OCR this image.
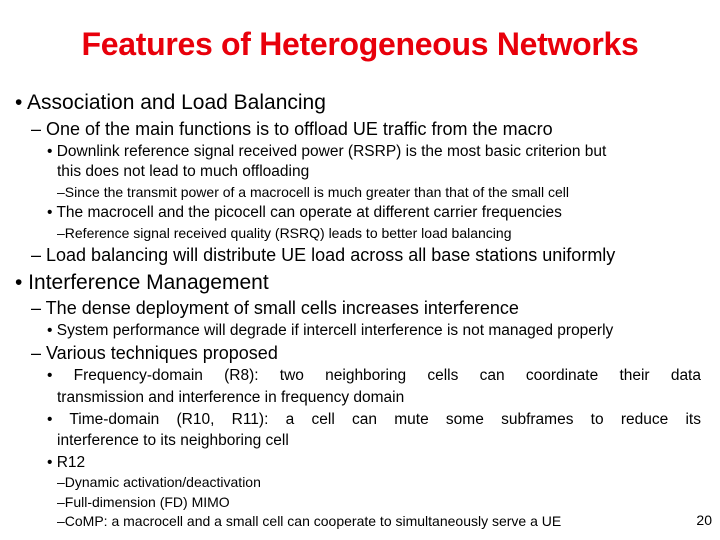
Features of Heterogeneous Networks
• Association and Load Balancing
– One of the main functions is to offload UE traffic from the macro
• Downlink reference signal received power (RSRP) is the most basic criterion but
this does not lead to much offloading
–Since the transmit power of a macrocell is much greater than that of the small cell
• The macrocell and the picocell can operate at different carrier frequencies
–Reference signal received quality (RSRQ) leads to better load balancing
– Load balancing will distribute UE load across all base stations uniformly
• Interference Management
– The dense deployment of small cells increases interference
• System performance will degrade if intercell interference is not managed properly
– Various techniques proposed
• Frequency-domain (R8): two neighboring cells can coordinate their data
transmission and interference in frequency domain
• Time-domain (R10, R11): a cell can mute some subframes to reduce its
interference to its neighboring cell
• R12
–Dynamic activation/deactivation
–Full-dimension (FD) MIMO
–CoMP: a macrocell and a small cell can cooperate to simultaneously serve a UE	20
